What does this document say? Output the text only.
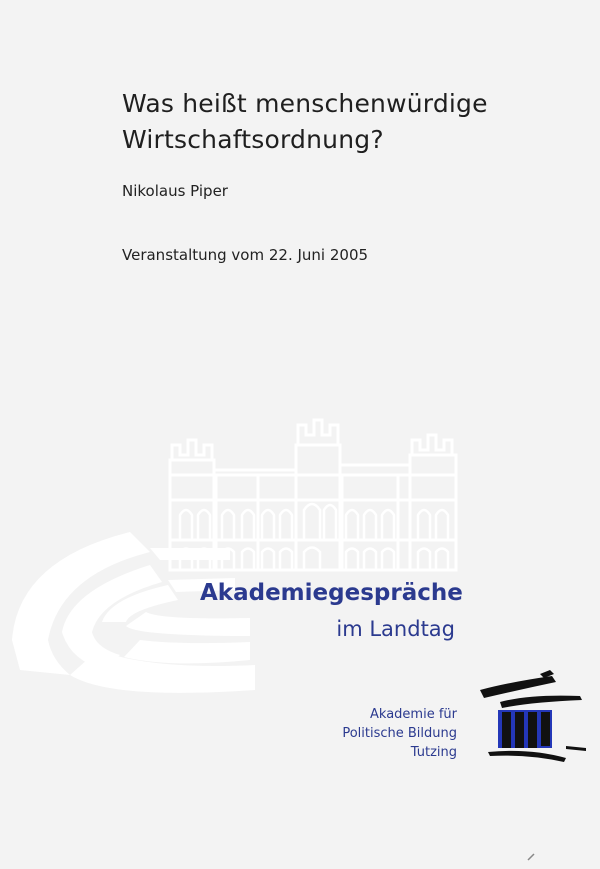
Was heißt menschenwürdige
Wirtschaftsordnung?
Nikolaus Piper
Veranstaltung vom 22. Juni 2005
Akademiegespräche
im Landtag
Akademie für
Politische Bildung
Tutzing
